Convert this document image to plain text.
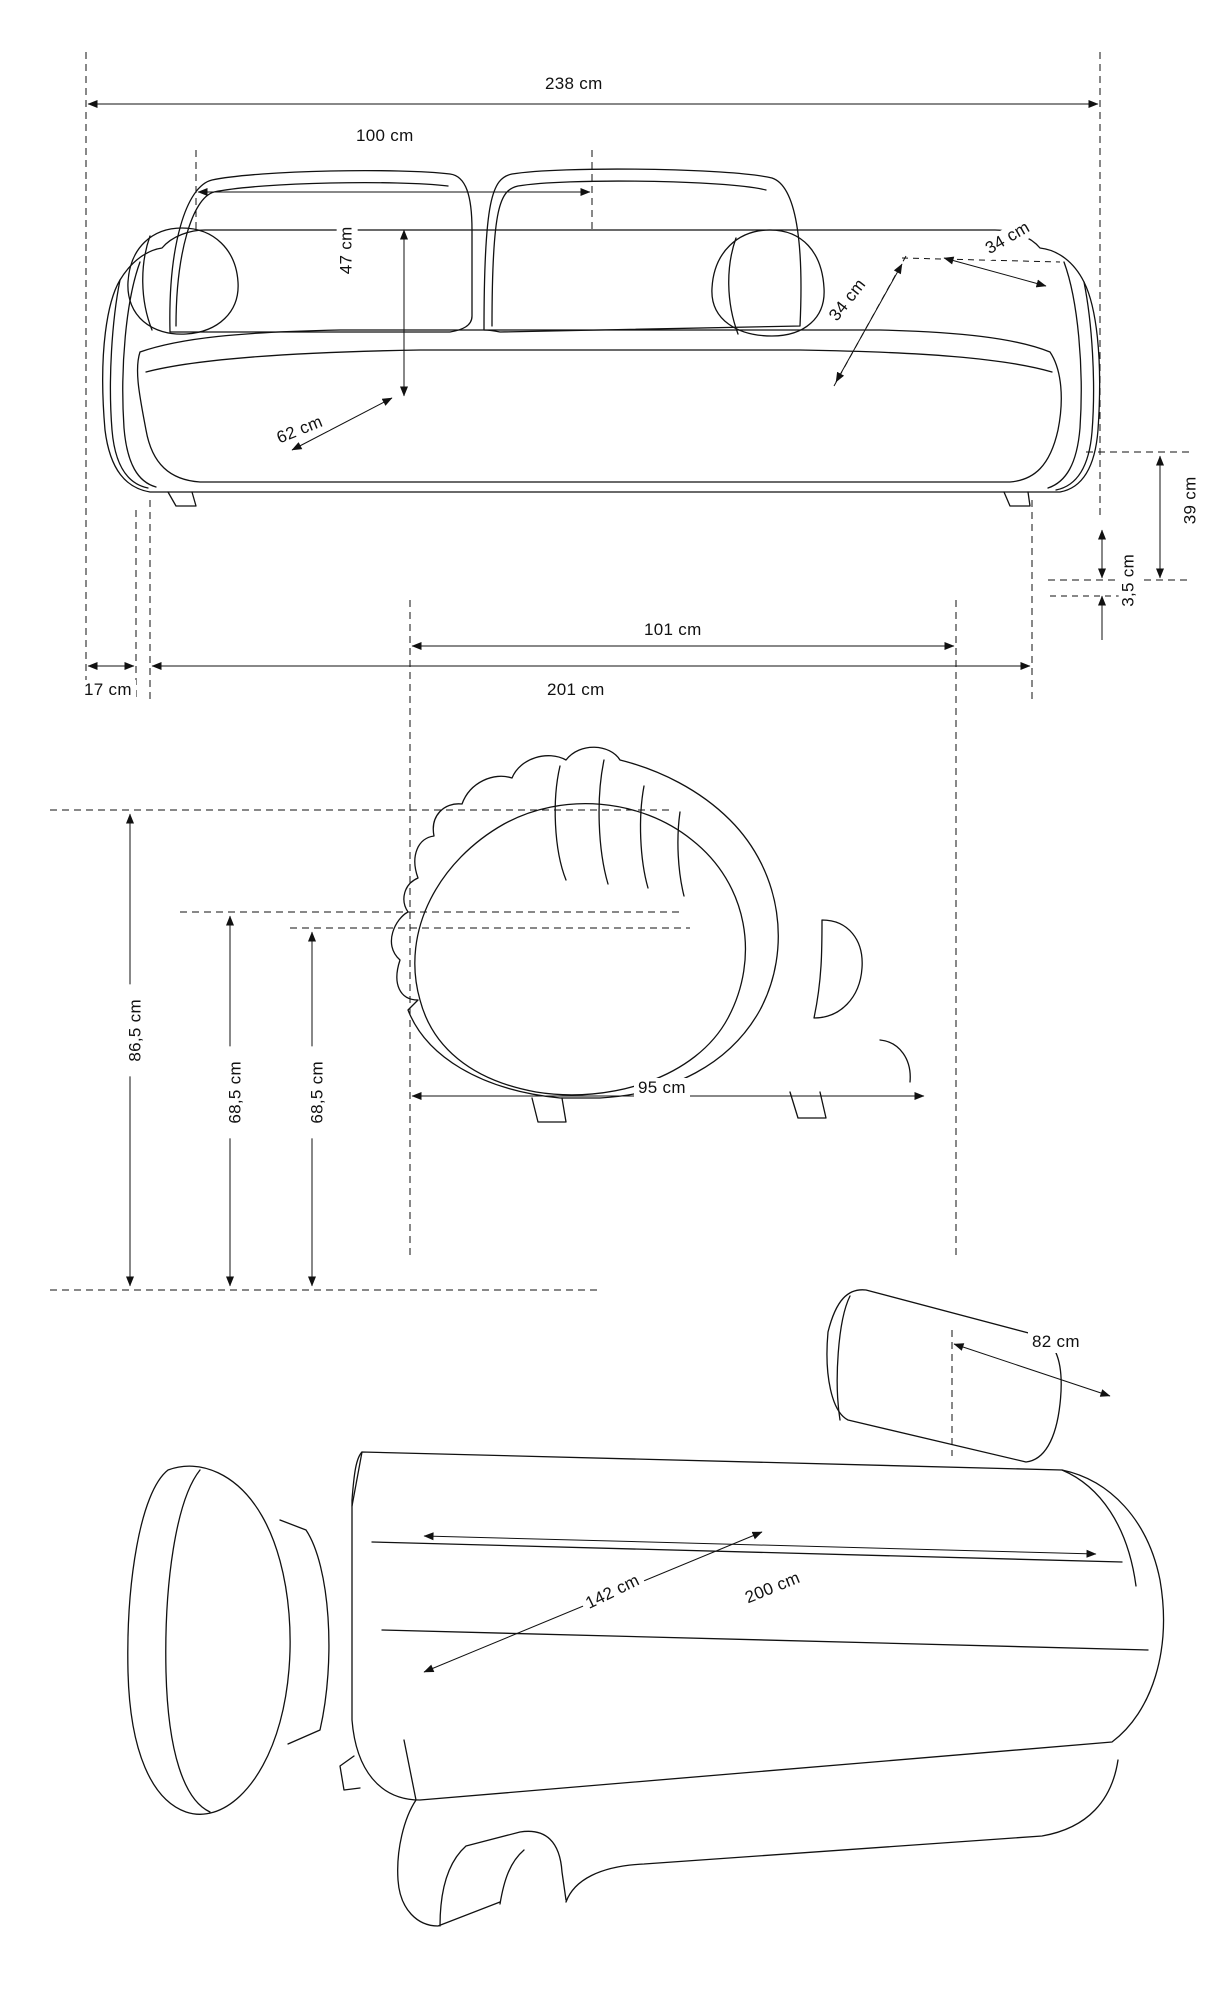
238 cm
100 cm
47 cm
62 cm
34 cm
34 cm
39 cm
3,5 cm
17 cm	201 cm
101 cm
86,5 cm
68,5 cm	68,5 cm	95 cm
82 cm
142 cm	200 cm
